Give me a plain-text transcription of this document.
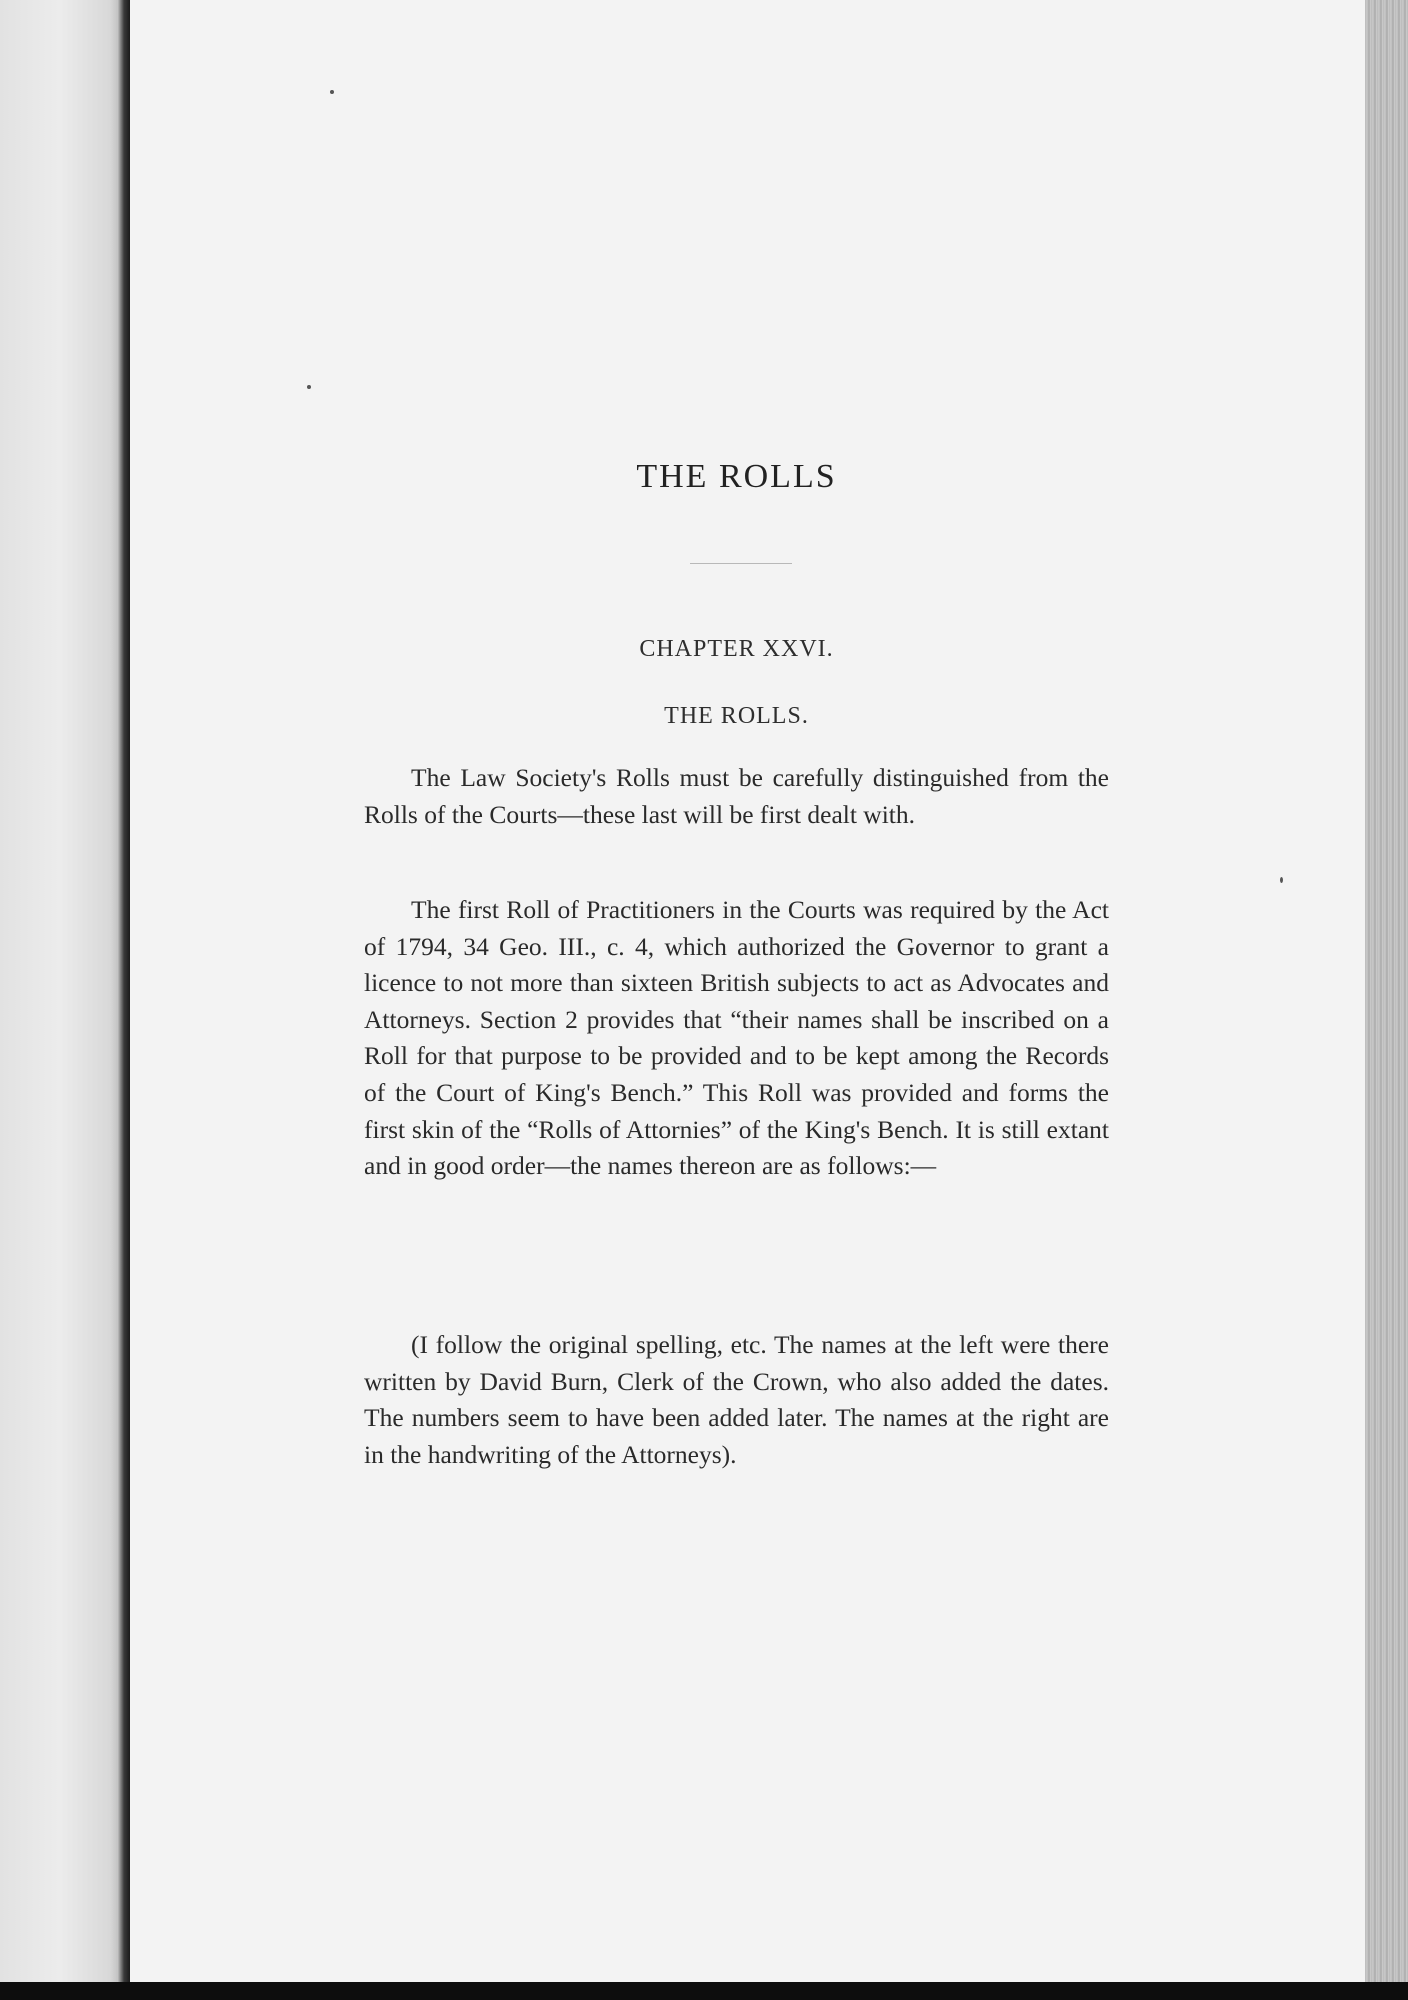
THE ROLLS
CHAPTER XXVI.
THE ROLLS.

The Law Society's Rolls must be carefully distinguished from the Rolls of the Courts—these last will be first dealt with.

The first Roll of Practitioners in the Courts was required by the Act of 1794, 34 Geo. III., c. 4, which authorized the Governor to grant a licence to not more than sixteen British subjects to act as Advocates and Attorneys. Section 2 provides that “their names shall be inscribed on a Roll for that purpose to be provided and to be kept among the Records of the Court of King's Bench.” This Roll was provided and forms the first skin of the “Rolls of Attornies” of the King's Bench. It is still extant and in good order—the names thereon are as follows:—

(I follow the original spelling, etc. The names at the left were there written by David Burn, Clerk of the Crown, who also added the dates. The numbers seem to have been added later. The names at the right are in the handwriting of the Attorneys).
